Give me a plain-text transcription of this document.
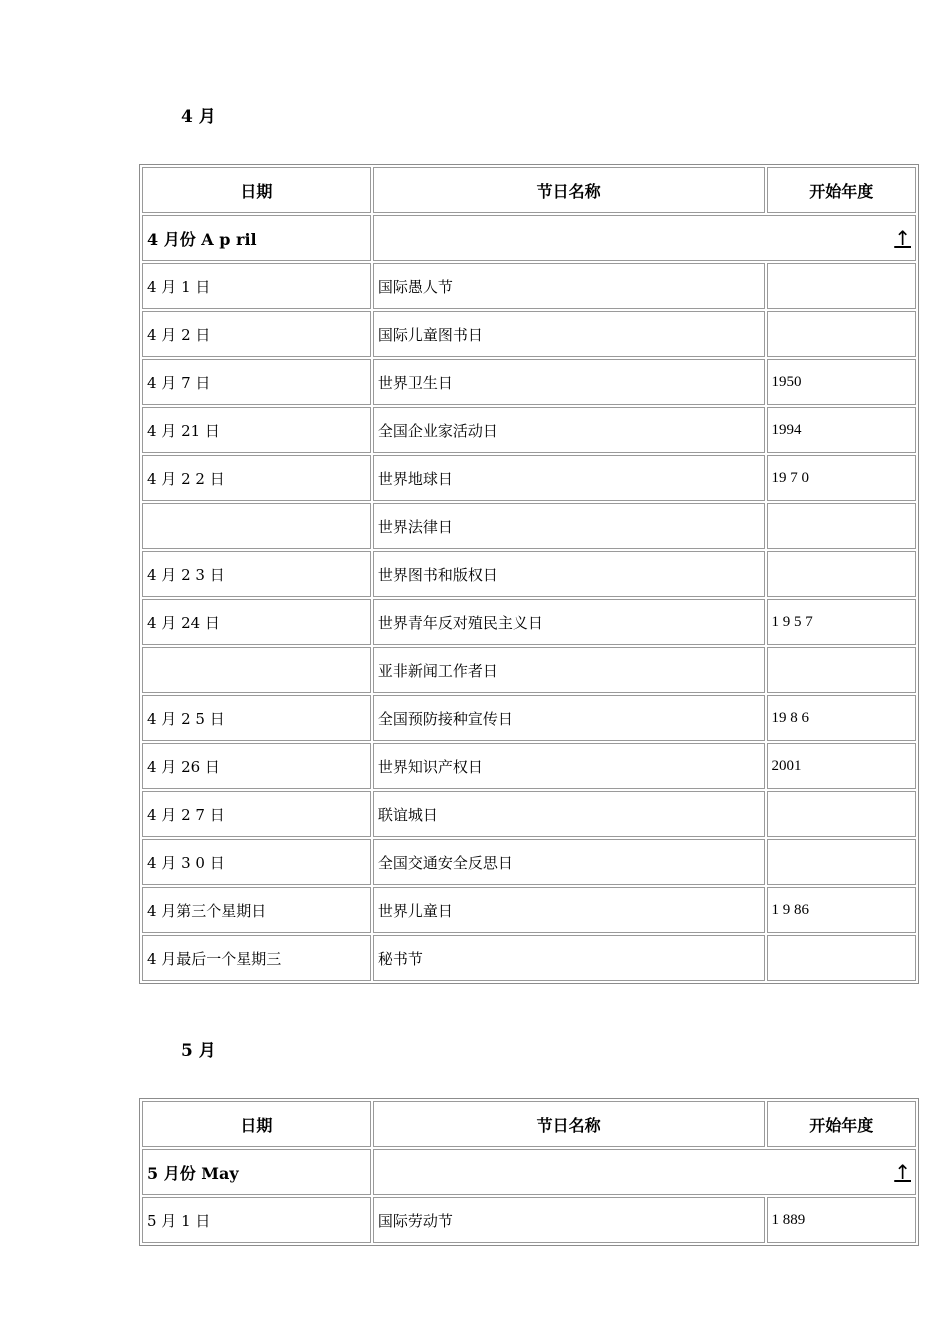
4 月
日期	节日名称	开始年度
4 月份 A p ril	↑	
4 月 1 日	国际愚人节	
4 月 2 日	国际儿童图书日	
4 月 7 日	世界卫生日	1950
4 月 21 日	全国企业家活动日	1994
4 月 2 2 日	世界地球日	19 7 0
	世界法律日	
4 月 2 3 日	世界图书和版权日	
4 月 24 日	世界青年反对殖民主义日	1 9 5 7
	亚非新闻工作者日	
4 月 2 5 日	全国预防接种宣传日	19 8 6
4 月 26 日	世界知识产权日	2001
4 月 2 7 日	联谊城日	
4 月 3 0 日	全国交通安全反思日	
4 月第三个星期日	世界儿童日	1 9 86
4 月最后一个星期三	秘书节	
5 月
日期	节日名称	开始年度
5 月份 May	↑	
5 月 1 日	国际劳动节	1 889
